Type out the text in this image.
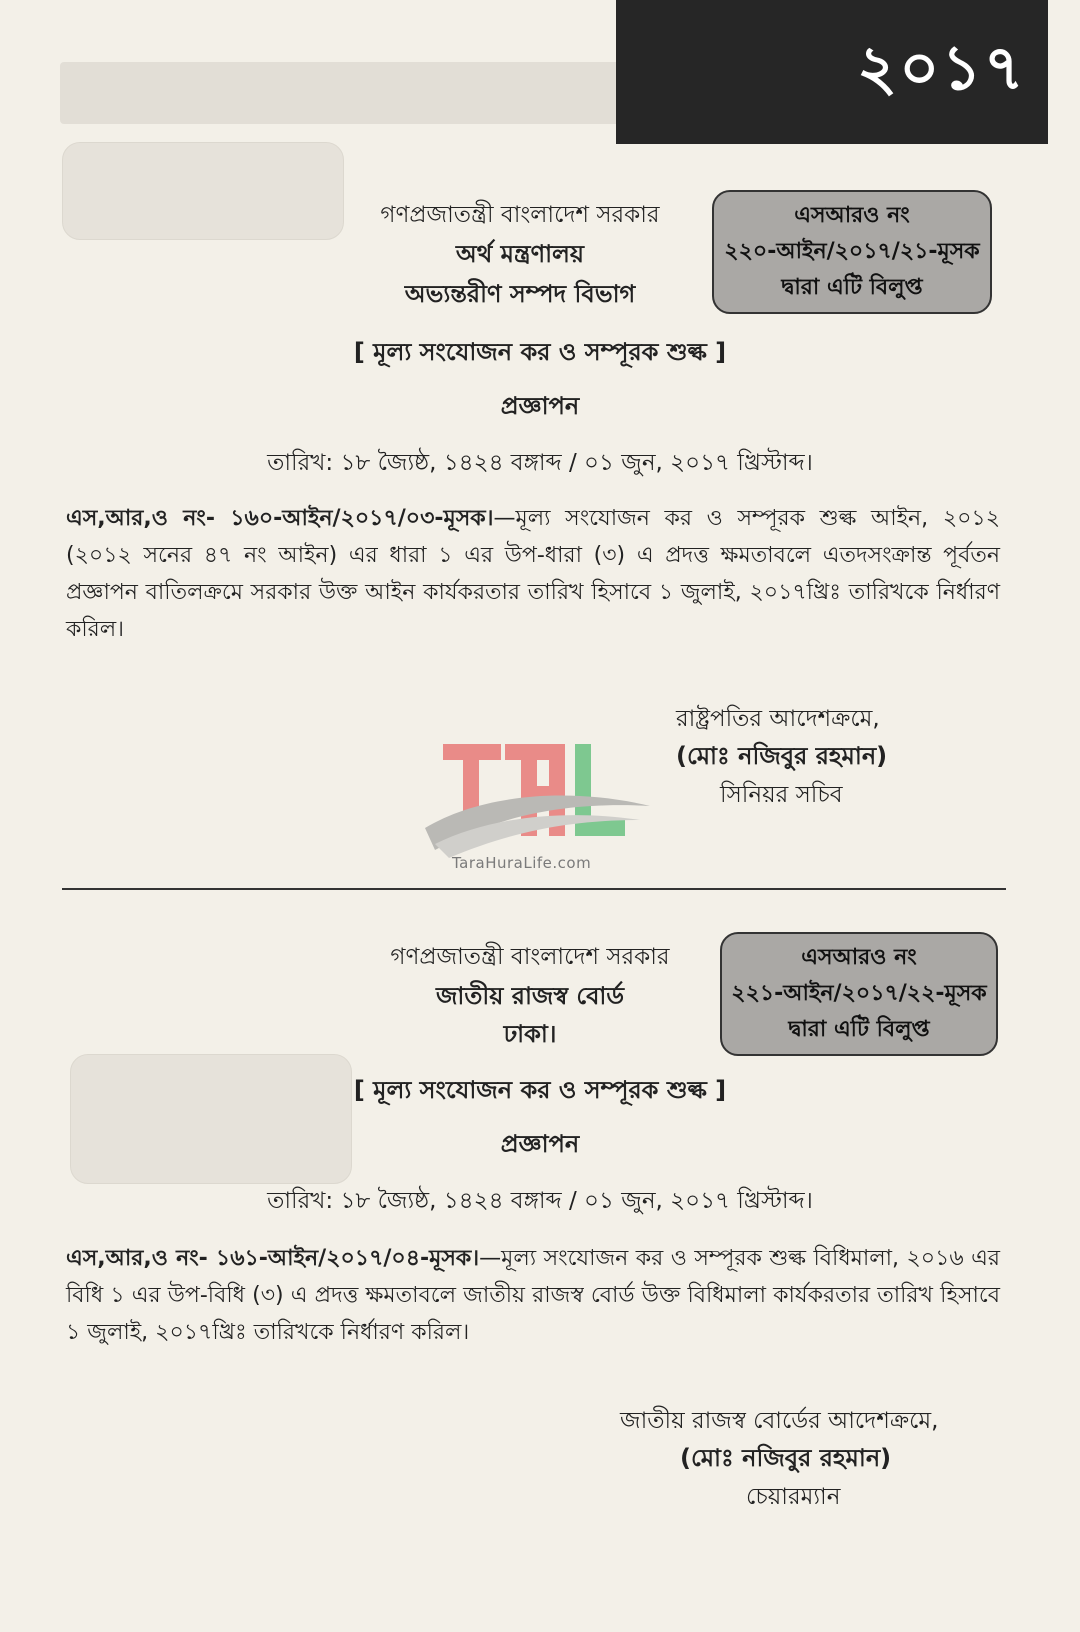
২০১৭
এসআরও নং
২২০-আইন/২০১৭/২১-মূসক
দ্বারা এটি বিলুপ্ত
গণপ্রজাতন্ত্রী বাংলাদেশ সরকার
অর্থ মন্ত্রণালয়
অভ্যন্তরীণ সম্পদ বিভাগ
[ মূল্য সংযোজন কর ও সম্পূরক শুল্ক ]
প্রজ্ঞাপন
তারিখ: ১৮ জ্যৈষ্ঠ, ১৪২৪ বঙ্গাব্দ / ০১ জুন, ২০১৭ খ্রিস্টাব্দ।
এস,আর,ও নং- ১৬০-আইন/২০১৭/০৩-মূসক।—মূল্য সংযোজন কর ও সম্পূরক শুল্ক আইন, ২০১২ (২০১২ সনের ৪৭ নং আইন) এর ধারা ১ এর উপ-ধারা (৩) এ প্রদত্ত ক্ষমতাবলে এতদসংক্রান্ত পূর্বতন প্রজ্ঞাপন বাতিলক্রমে সরকার উক্ত আইন কার্যকরতার তারিখ হিসাবে ১ জুলাই, ২০১৭খ্রিঃ তারিখকে নির্ধারণ করিল।
রাষ্ট্রপতির আদেশক্রমে,
(মোঃ নজিবুর রহমান)
সিনিয়র সচিব
TaraHuraLife.com
এসআরও নং
২২১-আইন/২০১৭/২২-মূসক
দ্বারা এটি বিলুপ্ত
গণপ্রজাতন্ত্রী বাংলাদেশ সরকার
জাতীয় রাজস্ব বোর্ড
ঢাকা।
[ মূল্য সংযোজন কর ও সম্পূরক শুল্ক ]
প্রজ্ঞাপন
তারিখ: ১৮ জ্যৈষ্ঠ, ১৪২৪ বঙ্গাব্দ / ০১ জুন, ২০১৭ খ্রিস্টাব্দ।
এস,আর,ও নং- ১৬১-আইন/২০১৭/০৪-মূসক।—মূল্য সংযোজন কর ও সম্পূরক শুল্ক বিধিমালা, ২০১৬ এর বিধি ১ এর উপ-বিধি (৩) এ প্রদত্ত ক্ষমতাবলে জাতীয় রাজস্ব বোর্ড উক্ত বিধিমালা কার্যকরতার তারিখ হিসাবে ১ জুলাই, ২০১৭খ্রিঃ তারিখকে নির্ধারণ করিল।
জাতীয় রাজস্ব বোর্ডের আদেশক্রমে,
(মোঃ নজিবুর রহমান)
চেয়ারম্যান
